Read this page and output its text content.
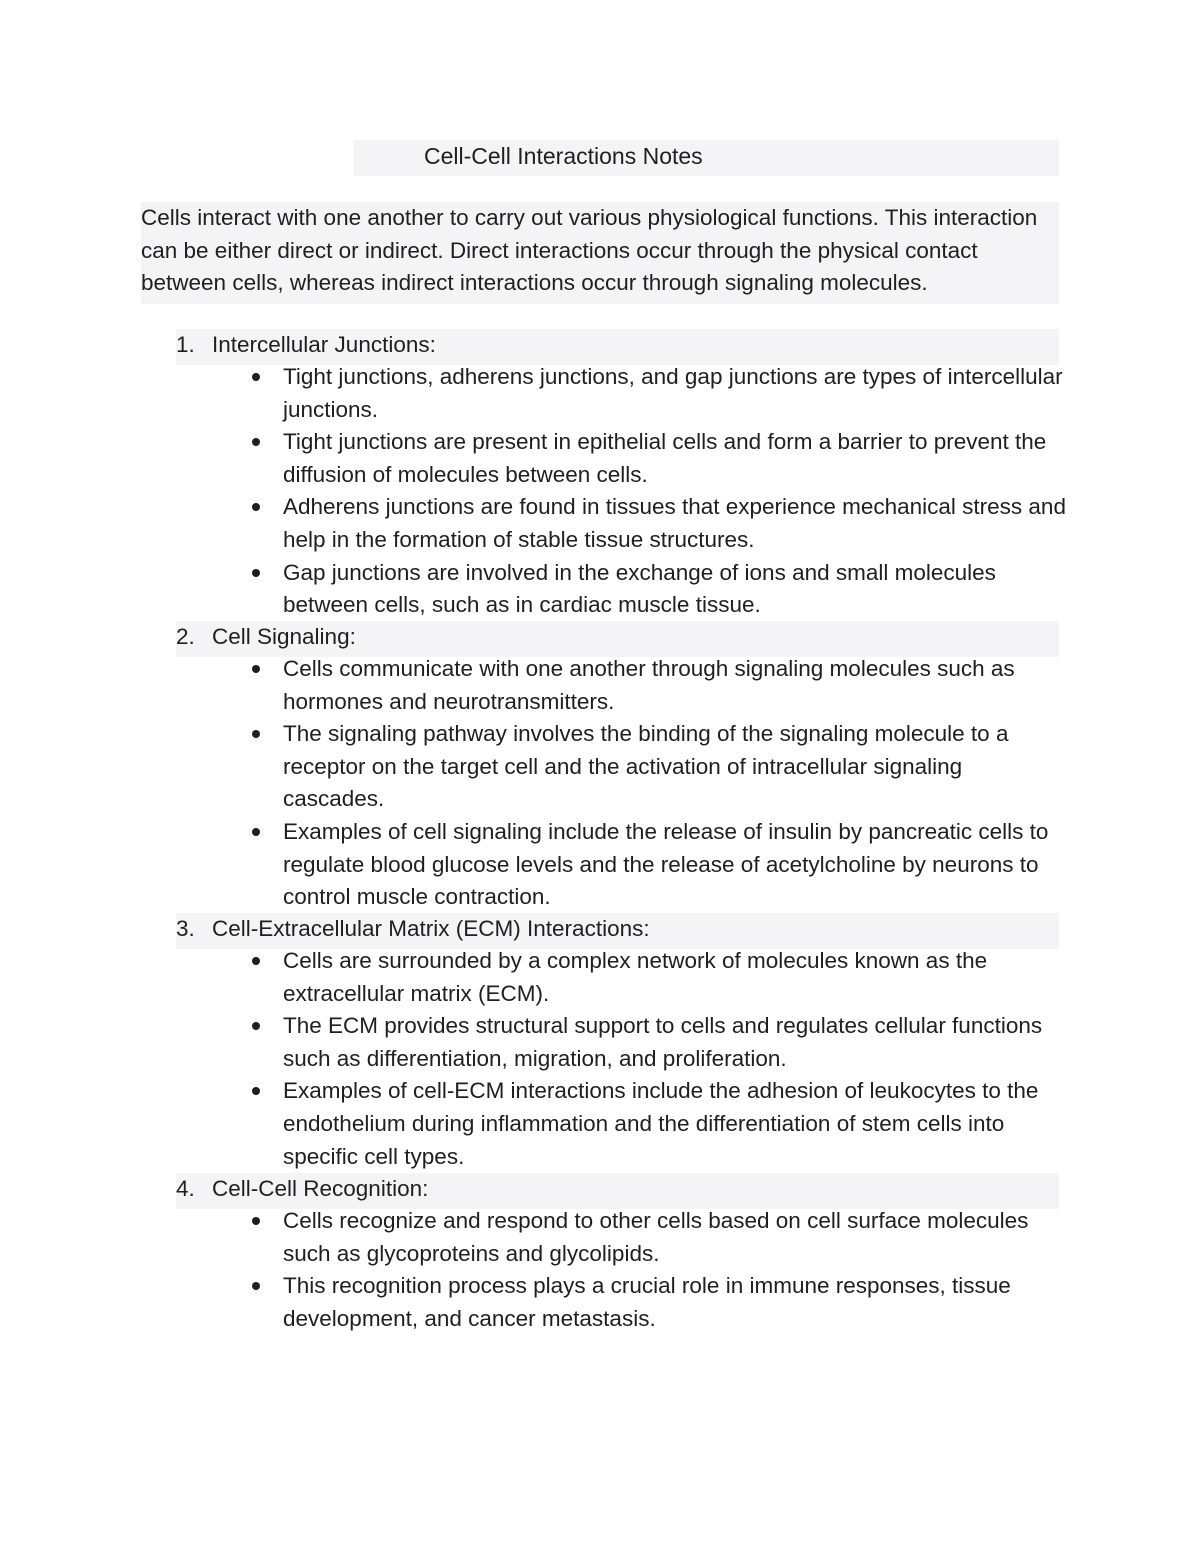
Cell-Cell Interactions Notes
Cells interact with one another to carry out various physiological functions. This interaction can be either direct or indirect. Direct interactions occur through the physical contact between cells, whereas indirect interactions occur through signaling molecules.
1. Intercellular Junctions:
Tight junctions, adherens junctions, and gap junctions are types of intercellular junctions.
Tight junctions are present in epithelial cells and form a barrier to prevent the diffusion of molecules between cells.
Adherens junctions are found in tissues that experience mechanical stress and help in the formation of stable tissue structures.
Gap junctions are involved in the exchange of ions and small molecules between cells, such as in cardiac muscle tissue.
2. Cell Signaling:
Cells communicate with one another through signaling molecules such as hormones and neurotransmitters.
The signaling pathway involves the binding of the signaling molecule to a receptor on the target cell and the activation of intracellular signaling cascades.
Examples of cell signaling include the release of insulin by pancreatic cells to regulate blood glucose levels and the release of acetylcholine by neurons to control muscle contraction.
3. Cell-Extracellular Matrix (ECM) Interactions:
Cells are surrounded by a complex network of molecules known as the extracellular matrix (ECM).
The ECM provides structural support to cells and regulates cellular functions such as differentiation, migration, and proliferation.
Examples of cell-ECM interactions include the adhesion of leukocytes to the endothelium during inflammation and the differentiation of stem cells into specific cell types.
4. Cell-Cell Recognition:
Cells recognize and respond to other cells based on cell surface molecules such as glycoproteins and glycolipids.
This recognition process plays a crucial role in immune responses, tissue development, and cancer metastasis.
